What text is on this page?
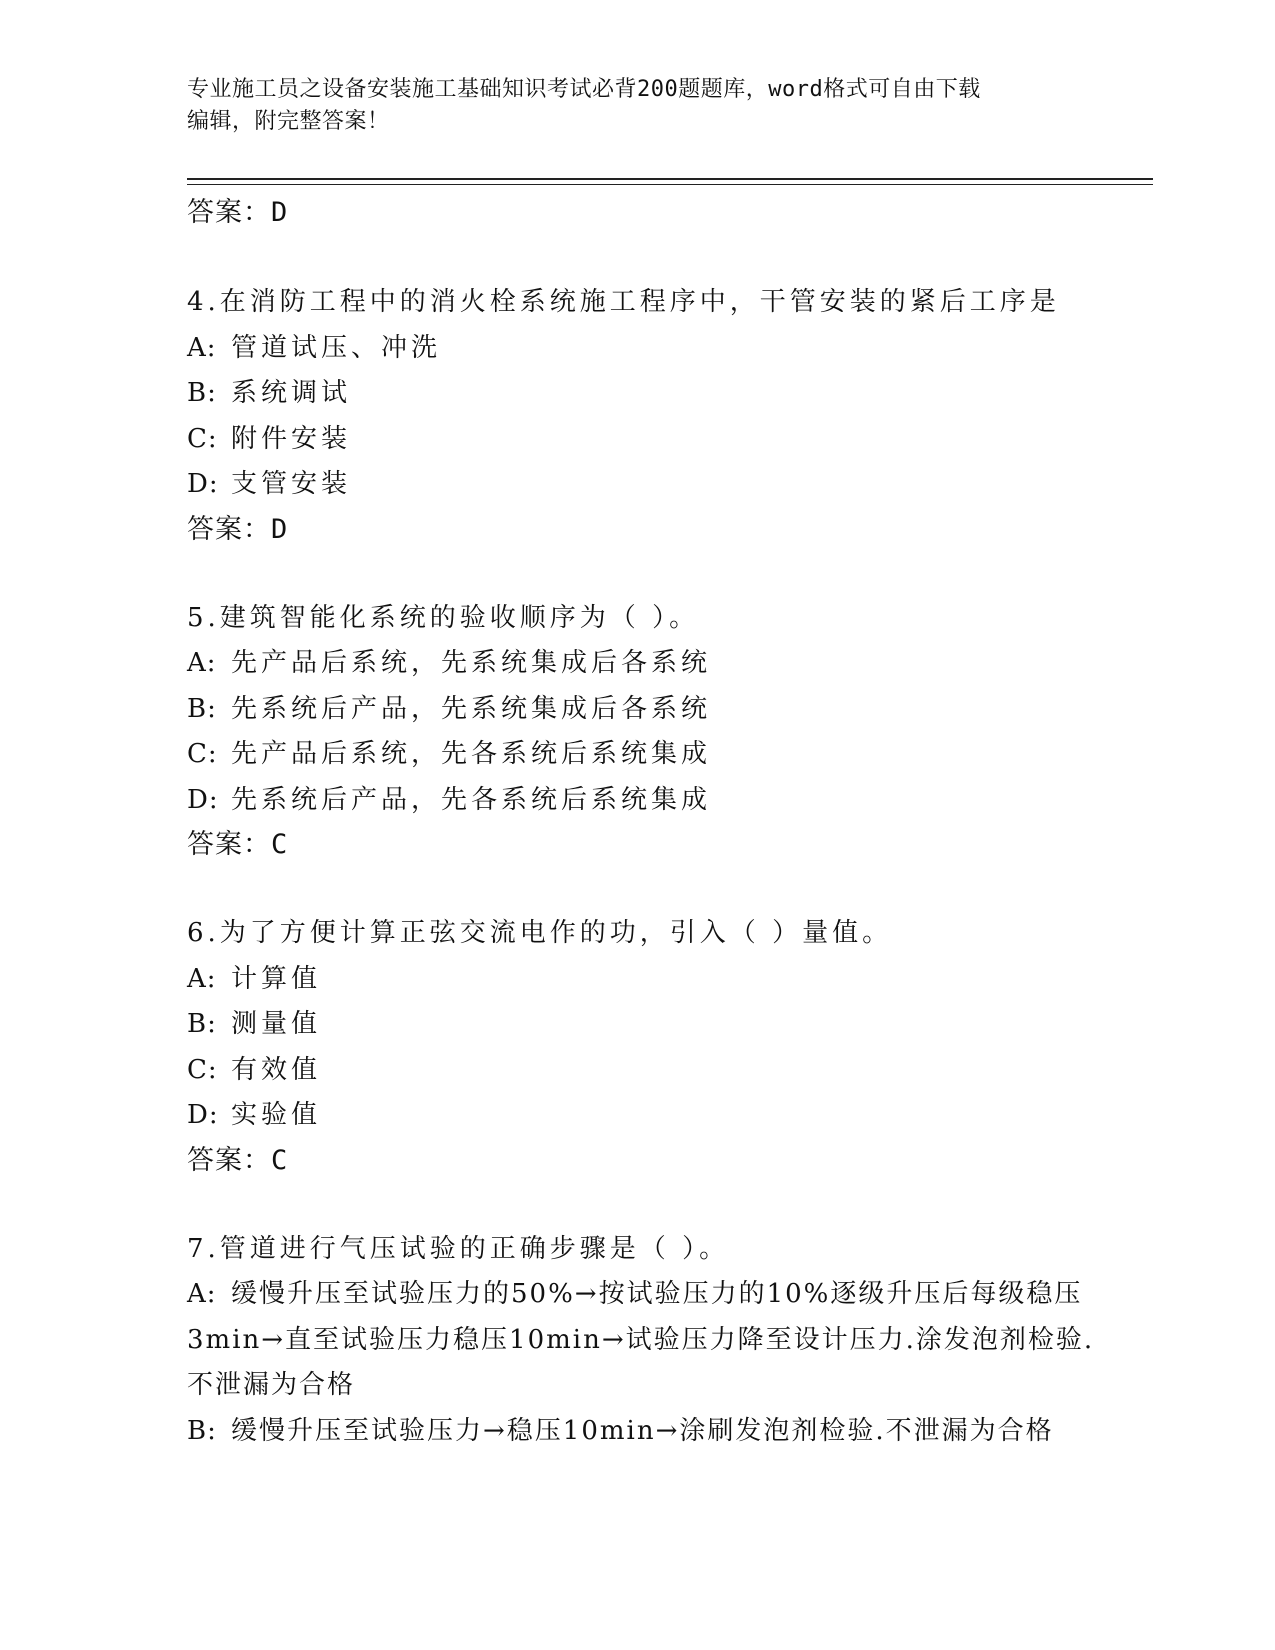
专业施工员之设备安装施工基础知识考试必背200题题库，word格式可自由下载
编辑，附完整答案！
答案：D
4.在消防工程中的消火栓系统施工程序中，干管安装的紧后工序是
A: 管道试压、冲洗
B: 系统调试
C: 附件安装
D: 支管安装
答案：D
5.建筑智能化系统的验收顺序为（ ）。
A: 先产品后系统，先系统集成后各系统
B: 先系统后产品，先系统集成后各系统
C: 先产品后系统，先各系统后系统集成
D: 先系统后产品，先各系统后系统集成
答案：C
6.为了方便计算正弦交流电作的功，引入（ ）量值。
A: 计算值
B: 测量值
C: 有效值
D: 实验值
答案：C
7.管道进行气压试验的正确步骤是（ ）。
A: 缓慢升压至试验压力的50%→按试验压力的10%逐级升压后每级稳压3min→直至试验压力稳压10min→试验压力降至设计压力.涂发泡剂检验.不泄漏为合格
B: 缓慢升压至试验压力→稳压10min→涂刷发泡剂检验.不泄漏为合格
